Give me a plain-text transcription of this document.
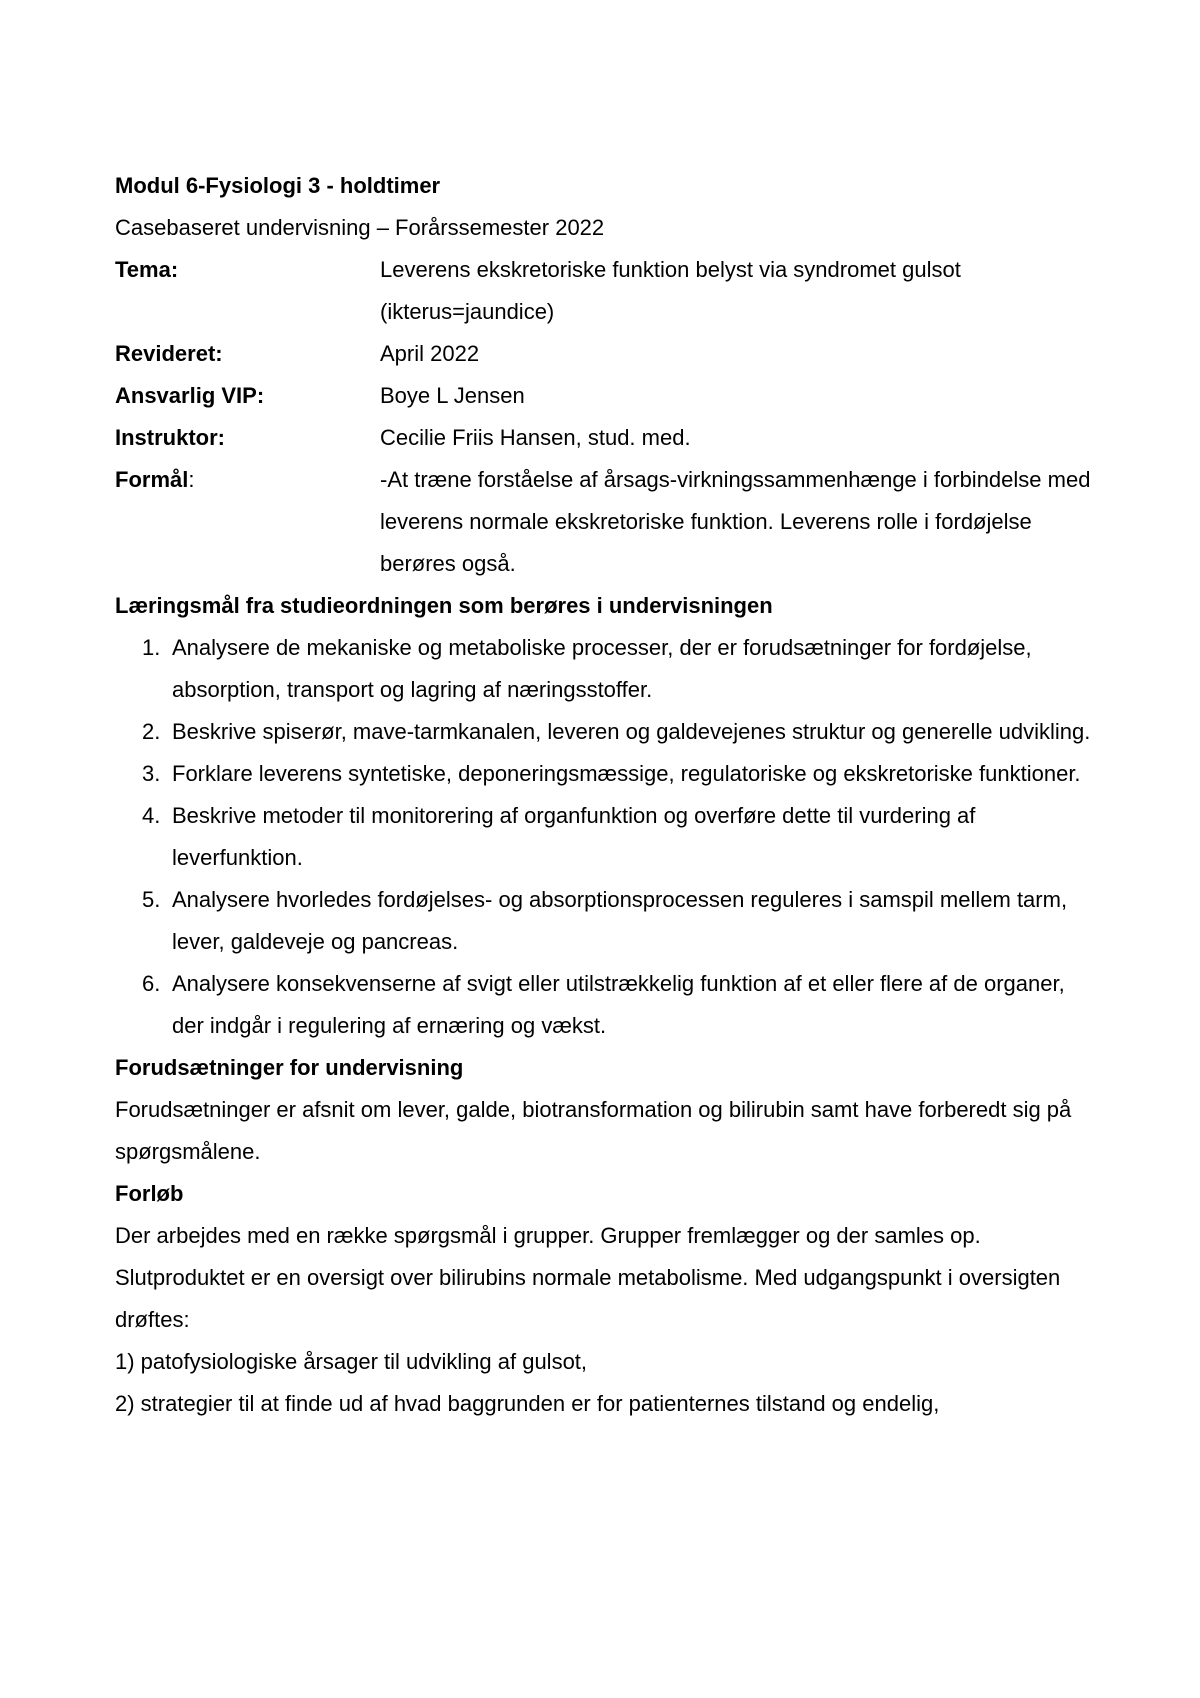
Modul 6-Fysiologi 3 - holdtimer
Casebaseret undervisning – Forårssemester 2022
Tema:	Leverens ekskretoriske funktion belyst via syndromet gulsot (ikterus=jaundice)
Revideret:	April 2022
Ansvarlig VIP:	Boye L Jensen
Instruktor:	Cecilie Friis Hansen, stud. med.
Formål:	-At træne forståelse af årsags-virkningssammenhænge i forbindelse med leverens normale ekskretoriske funktion. Leverens rolle i fordøjelse berøres også.
Læringsmål fra studieordningen som berøres i undervisningen
1. Analysere de mekaniske og metaboliske processer, der er forudsætninger for fordøjelse, absorption, transport og lagring af næringsstoffer.
2. Beskrive spiserør, mave-tarmkanalen, leveren og galdevejenes struktur og generelle udvikling.
3. Forklare leverens syntetiske, deponeringsmæssige, regulatoriske og ekskretoriske funktioner.
4. Beskrive metoder til monitorering af organfunktion og overføre dette til vurdering af leverfunktion.
5. Analysere hvorledes fordøjelses- og absorptionsprocessen reguleres i samspil mellem tarm, lever, galdeveje og pancreas.
6. Analysere konsekvenserne af svigt eller utilstrækkelig funktion af et eller flere af de organer, der indgår i regulering af ernæring og vækst.
Forudsætninger for undervisning
Forudsætninger er afsnit om lever, galde, biotransformation og bilirubin samt have forberedt sig på spørgsmålene.
Forløb
Der arbejdes med en række spørgsmål i grupper. Grupper fremlægger og der samles op. Slutproduktet er en oversigt over bilirubins normale metabolisme. Med udgangspunkt i oversigten drøftes:
1) patofysiologiske årsager til udvikling af gulsot,
2) strategier til at finde ud af hvad baggrunden er for patienternes tilstand og endelig,
